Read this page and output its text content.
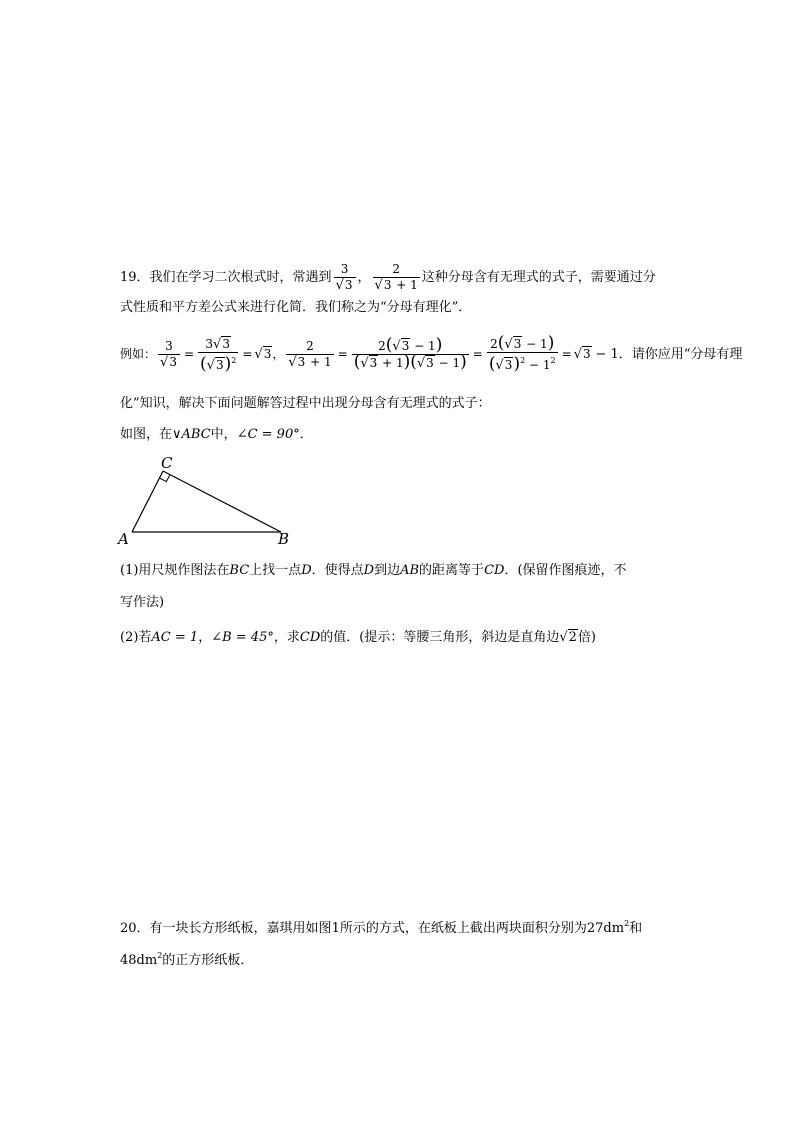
19．我们在学习二次根式时，常遇到 $\frac{3}{√3}$ ， $\frac{2}{√3 + 1}$ 这种分母含有无理式的式子，需要通过分
式性质和平方差公式来进行化简．我们称之为“分母有理化”．
例如： $\frac{3}{√3} = \frac{3√3}{(√3)^2} = √3$， $\frac{2}{√3 + 1} = \frac{2(√3 - 1)}{(√3 + 1)(√3 - 1)} = \frac{2(√3 - 1)}{(√3)^2 - 1^2} = √3 - 1$．请你应用“分母有理
化”知识，解决下面问题解答过程中出现分母含有无理式的式子：
如图，在∨ABC中，∠C = 90°．
A	B
C
(1)用尺规作图法在BC上找一点D．使得点D到边AB的距离等于CD．(保留作图痕迹，不
写作法)
(2)若AC = 1，∠B = 45°，求CD的值．(提示：等腰三角形，斜边是直角边√2倍)
20．有一块长方形纸板，嘉琪用如图1所示的方式，在纸板上截出两块面积分别为$27dm^2$和
$48dm^2$的正方形纸板．
